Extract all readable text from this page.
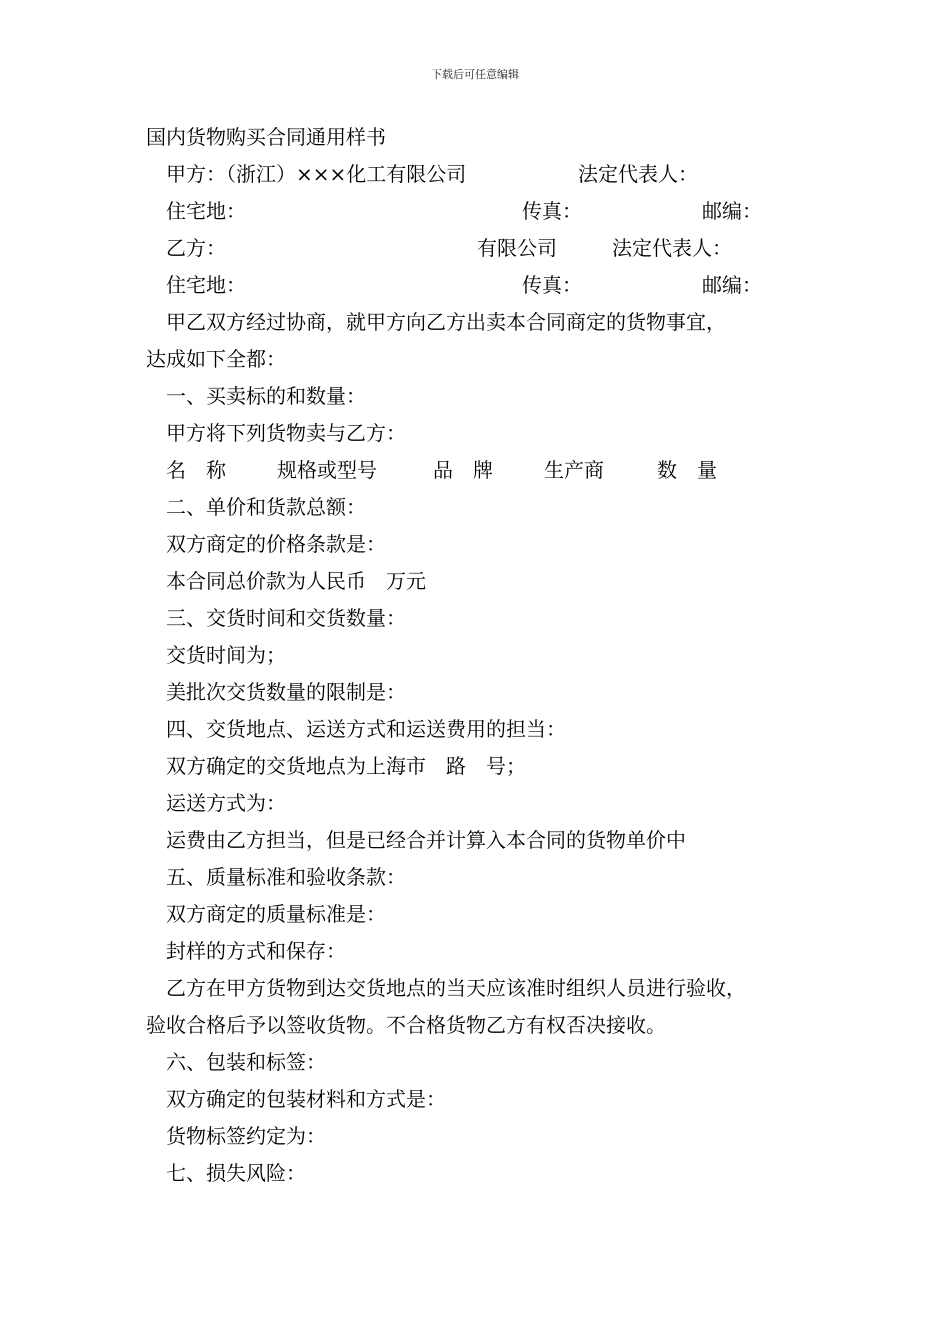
下载后可任意编辑
国内货物购买合同通用样书
甲方：（浙江）×××化工有限公司	法定代表人：
住宅地：	传真：	邮编：
乙方：	有限公司	法定代表人：
住宅地：	传真：	邮编：
甲乙双方经过协商，就甲方向乙方出卖本合同商定的货物事宜，
达成如下全都：
一、买卖标的和数量：
甲方将下列货物卖与乙方：
名　称	规格或型号	品　牌	生产商	数　量
二、单价和货款总额：
双方商定的价格条款是：
本合同总价款为人民币　万元
三、交货时间和交货数量：
交货时间为；
美批次交货数量的限制是：
四、交货地点、运送方式和运送费用的担当：
双方确定的交货地点为上海市　路　号；
运送方式为：
运费由乙方担当，但是已经合并计算入本合同的货物单价中
五、质量标准和验收条款：
双方商定的质量标准是：
封样的方式和保存：
乙方在甲方货物到达交货地点的当天应该准时组织人员进行验收，
验收合格后予以签收货物。不合格货物乙方有权否决接收。
六、包装和标签：
双方确定的包装材料和方式是：
货物标签约定为：
七、损失风险：
